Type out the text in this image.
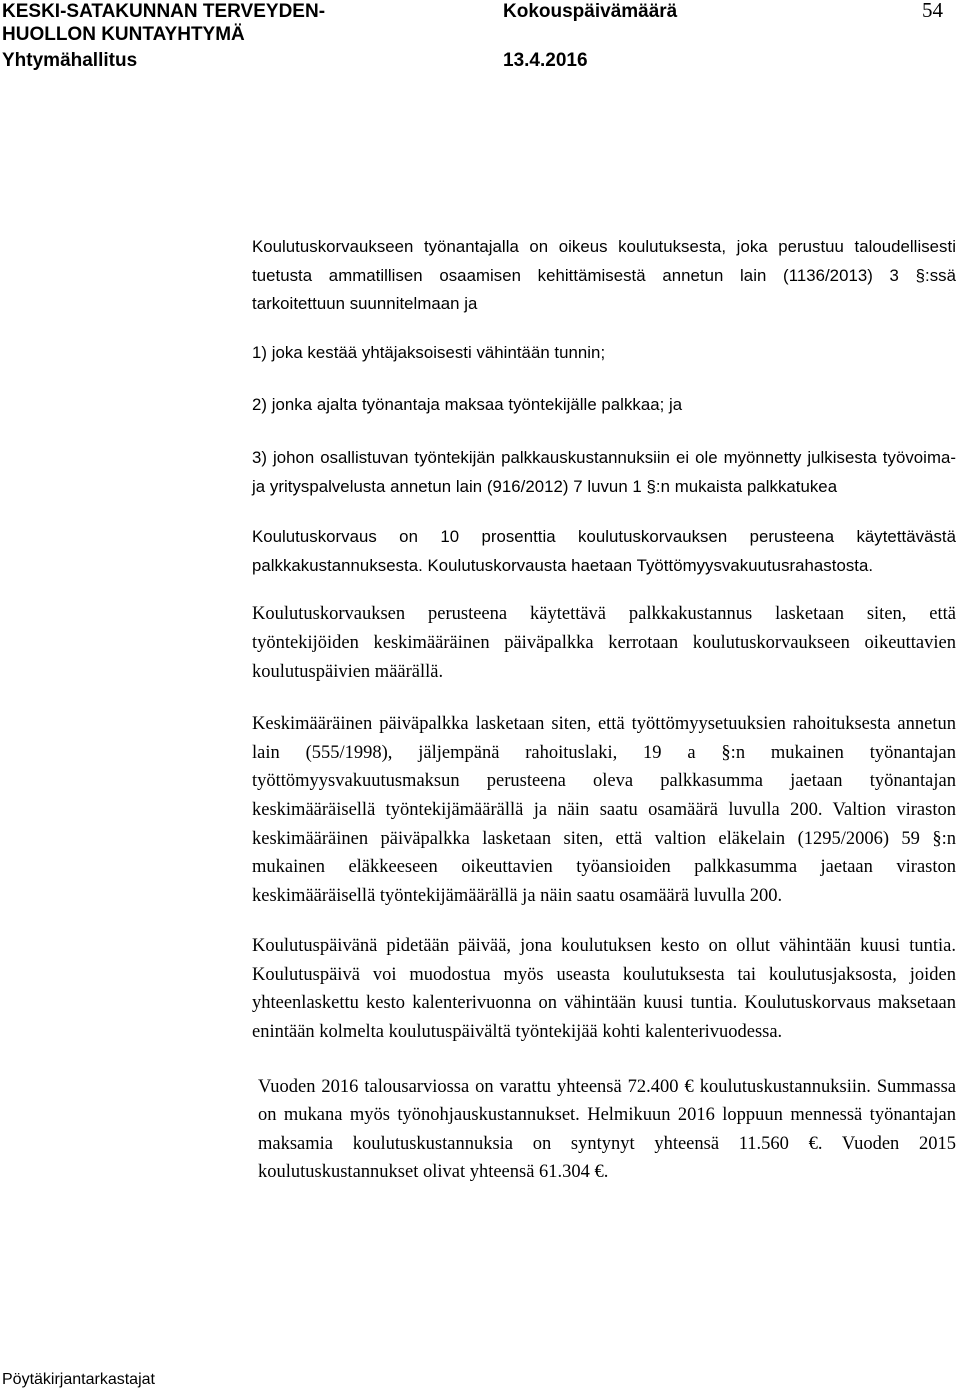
KESKI-SATAKUNNAN TERVEYDEN-
HUOLLON KUNTAYHTYMÄ
Yhtymähallitus
Kokouspäivämäärä
13.4.2016
54

Koulutuskorvaukseen työnantajalla on oikeus koulutuksesta, joka perustuu taloudellisesti tuetusta ammatillisen osaamisen kehittämisestä annetun lain (1136/2013) 3 §:ssä tarkoitettuun suunnitelmaan ja

1) joka kestää yhtäjaksoisesti vähintään tunnin;

2) jonka ajalta työnantaja maksaa työntekijälle palkkaa; ja

3) johon osallistuvan työntekijän palkkauskustannuksiin ei ole myönnetty julkisesta työvoima- ja yrityspalvelusta annetun lain (916/2012) 7 luvun 1 §:n mukaista palkkatukea

Koulutuskorvaus on 10 prosenttia koulutuskorvauksen perusteena käytettävästä palkkakustannuksesta. Koulutuskorvausta haetaan Työttömyysvakuutusrahastosta.

Koulutuskorvauksen perusteena käytettävä palkkakustannus lasketaan siten, että työntekijöiden keskimääräinen päiväpalkka kerrotaan koulutuskorvaukseen oikeuttavien koulutuspäivien määrällä.

Keskimääräinen päiväpalkka lasketaan siten, että työttömyysetuuksien rahoituksesta annetun lain (555/1998), jäljempänä rahoituslaki, 19 a §:n mukainen työnantajan työttömyysvakuutusmaksun perusteena oleva palkkasumma jaetaan työnantajan keskimääräisellä työntekijämäärällä ja näin saatu osamäärä luvulla 200. Valtion viraston keskimääräinen päiväpalkka lasketaan siten, että valtion eläkelain (1295/2006) 59 §:n mukainen eläkkeeseen oikeuttavien työansioiden palkkasumma jaetaan viraston keskimääräisellä työntekijämäärällä ja näin saatu osamäärä luvulla 200.

Koulutuspäivänä pidetään päivää, jona koulutuksen kesto on ollut vähintään kuusi tuntia. Koulutuspäivä voi muodostua myös useasta koulutuksesta tai koulutusjaksosta, joiden yhteenlaskettu kesto kalenterivuonna on vähintään kuusi tuntia. Koulutuskorvaus maksetaan enintään kolmelta koulutuspäivältä työntekijää kohti kalenterivuodessa.

Vuoden 2016 talousarviossa on varattu yhteensä 72.400 € koulutuskustannuksiin. Summassa on mukana myös työnohjauskustannukset. Helmikuun 2016 loppuun mennessä työnantajan maksamia koulutuskustannuksia on syntynyt yhteensä 11.560 €. Vuoden 2015 koulutuskustannukset olivat yhteensä 61.304 €.

Pöytäkirjantarkastajat
